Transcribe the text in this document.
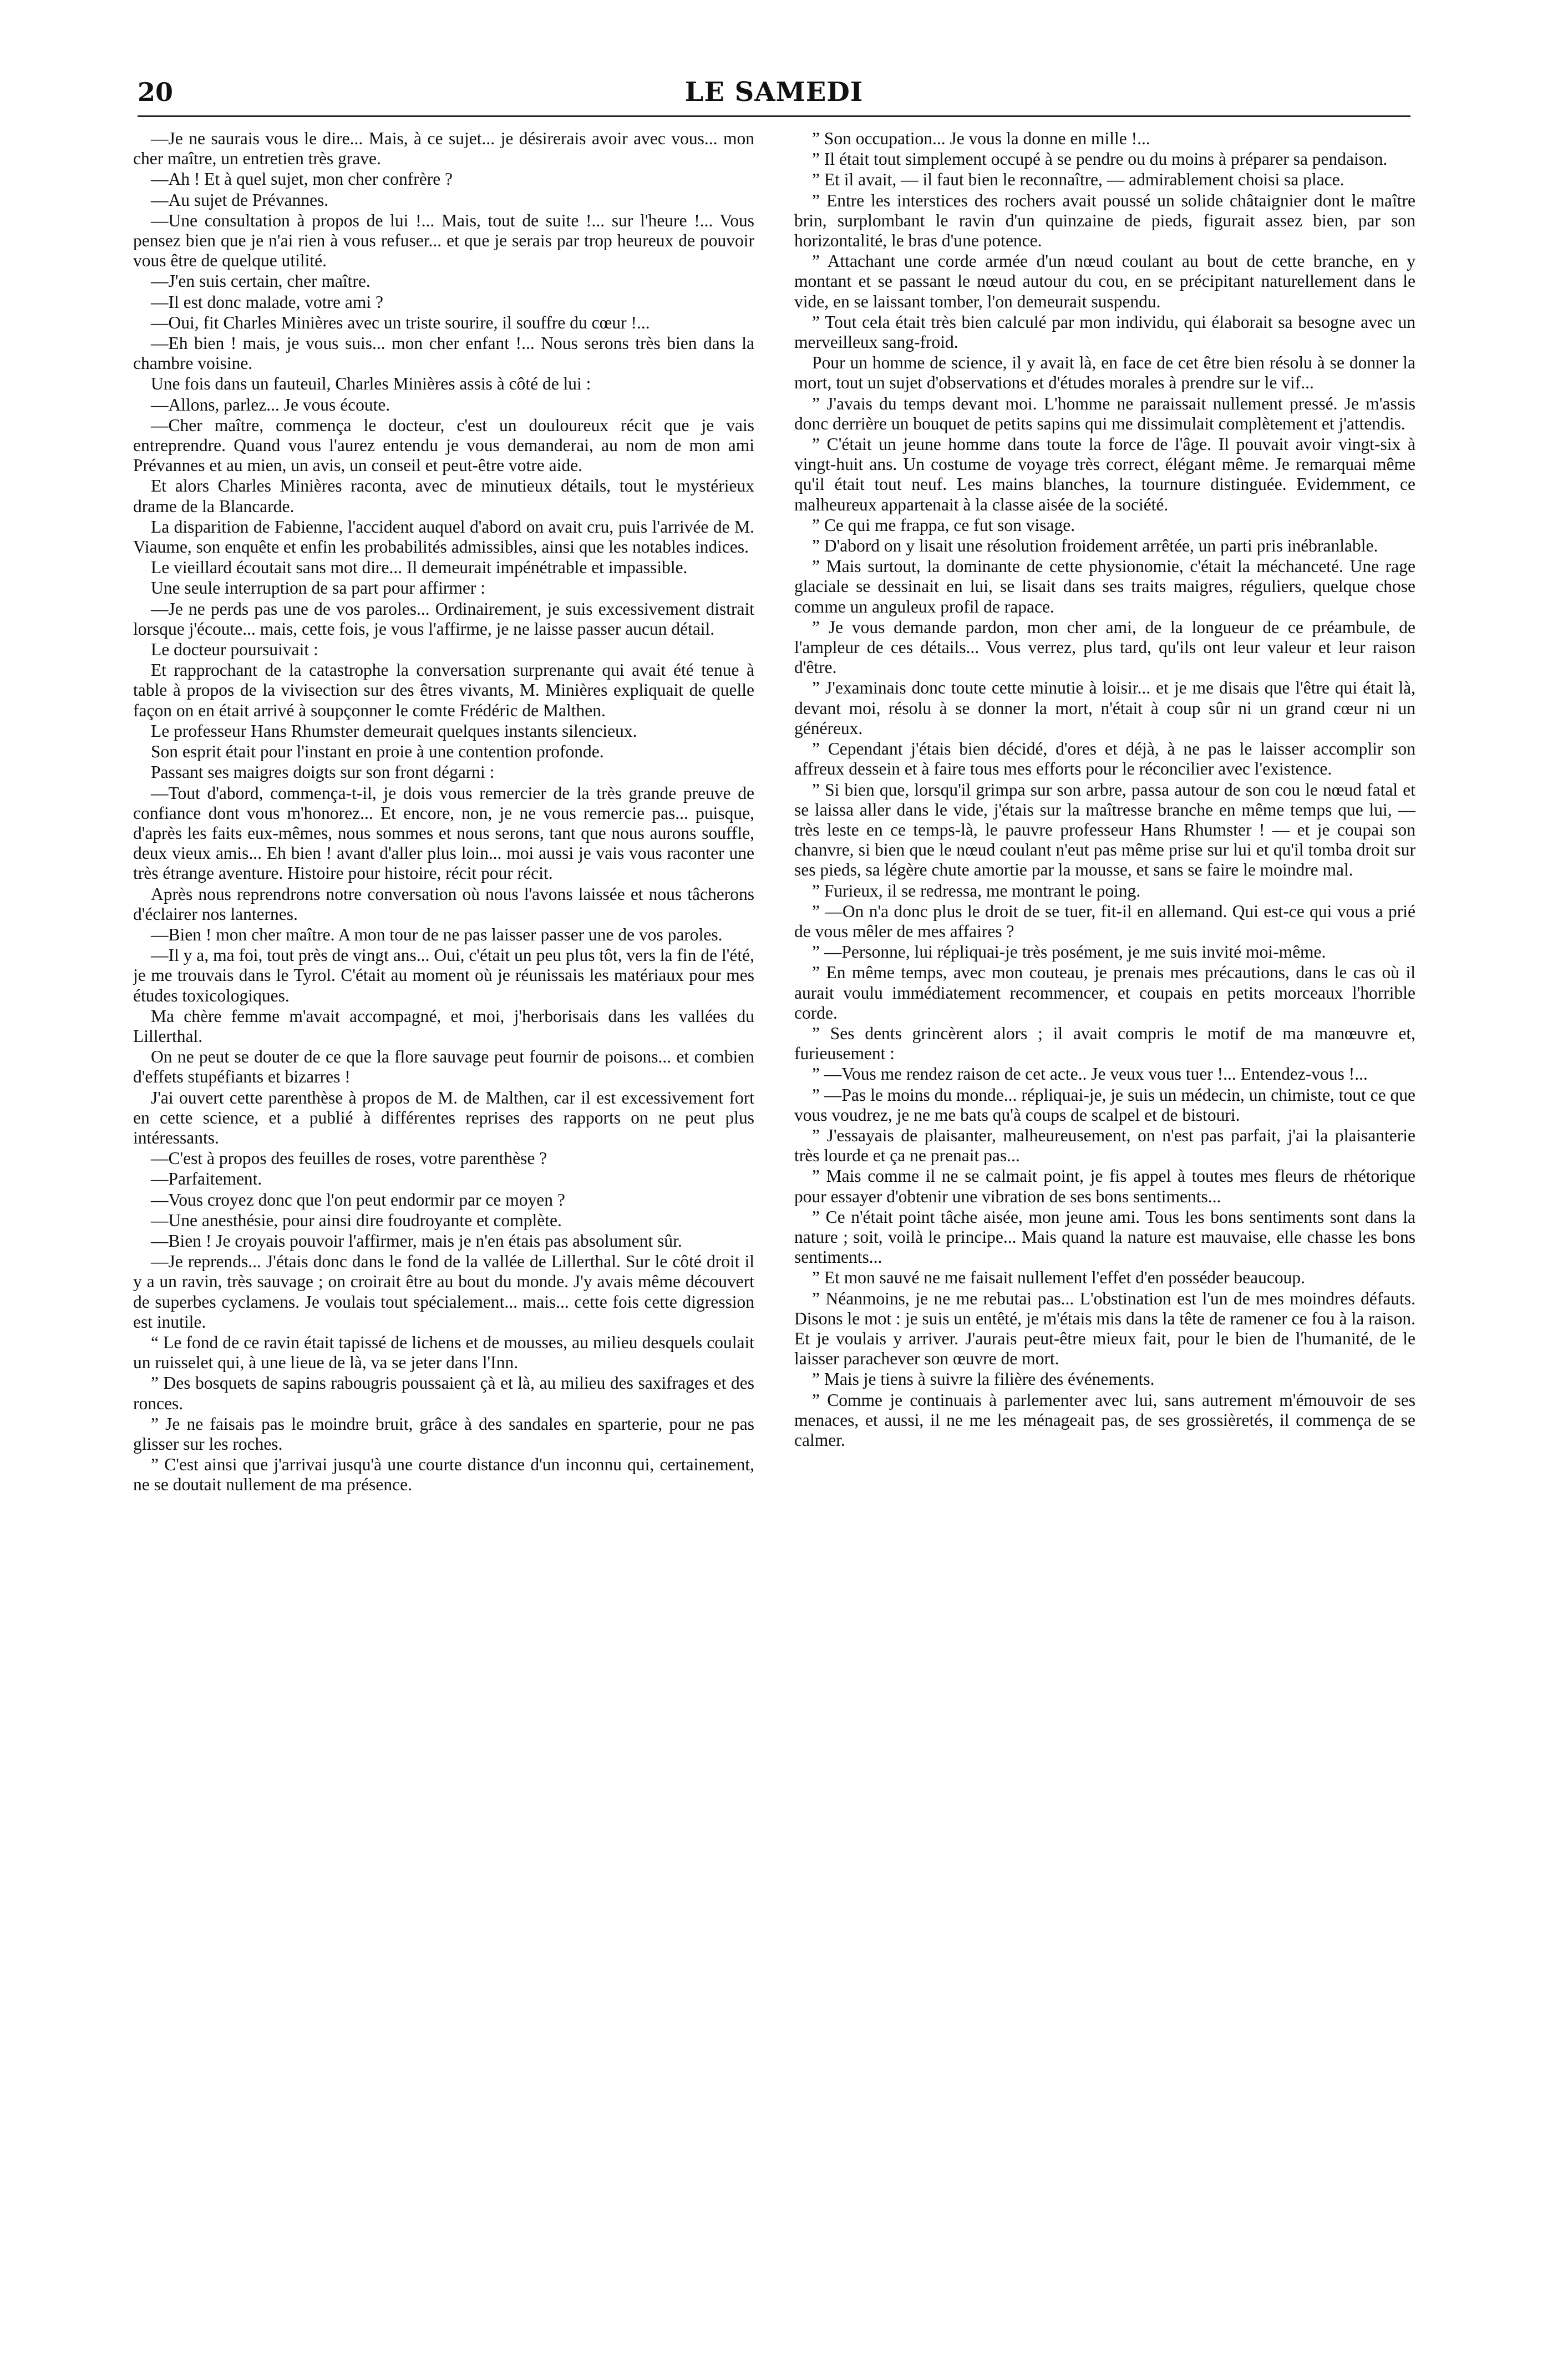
20	LE SAMEDI

—Je ne saurais vous le dire... Mais, à ce sujet... je désirerais avoir avec vous... mon cher maître, un entretien très grave.

—Ah ! Et à quel sujet, mon cher confrère ?

—Au sujet de Prévannes.

—Une consultation à propos de lui !... Mais, tout de suite !... sur l'heure !... Vous pensez bien que je n'ai rien à vous refuser... et que je serais par trop heureux de pouvoir vous être de quelque utilité.

—J'en suis certain, cher maître.

—Il est donc malade, votre ami ?

—Oui, fit Charles Minières avec un triste sourire, il souffre du cœur !...

—Eh bien ! mais, je vous suis... mon cher enfant !... Nous serons très bien dans la chambre voisine.

Une fois dans un fauteuil, Charles Minières assis à côté de lui :

—Allons, parlez... Je vous écoute.

—Cher maître, commença le docteur, c'est un douloureux récit que je vais entreprendre. Quand vous l'aurez entendu je vous demanderai, au nom de mon ami Prévannes et au mien, un avis, un conseil et peut-être votre aide.

Et alors Charles Minières raconta, avec de minutieux détails, tout le mystérieux drame de la Blancarde.

La disparition de Fabienne, l'accident auquel d'abord on avait cru, puis l'arrivée de M. Viaume, son enquête et enfin les probabilités admissibles, ainsi que les notables indices.

Le vieillard écoutait sans mot dire... Il demeurait impénétrable et impassible.

Une seule interruption de sa part pour affirmer :

—Je ne perds pas une de vos paroles... Ordinairement, je suis excessivement distrait lorsque j'écoute... mais, cette fois, je vous l'affirme, je ne laisse passer aucun détail.

Le docteur poursuivait :

Et rapprochant de la catastrophe la conversation surprenante qui avait été tenue à table à propos de la vivisection sur des êtres vivants, M. Minières expliquait de quelle façon on en était arrivé à soupçonner le comte Frédéric de Malthen.

Le professeur Hans Rhumster demeurait quelques instants silencieux.

Son esprit était pour l'instant en proie à une contention profonde.

Passant ses maigres doigts sur son front dégarni :

—Tout d'abord, commença-t-il, je dois vous remercier de la très grande preuve de confiance dont vous m'honorez... Et encore, non, je ne vous remercie pas... puisque, d'après les faits eux-mêmes, nous sommes et nous serons, tant que nous aurons souffle, deux vieux amis... Eh bien ! avant d'aller plus loin... moi aussi je vais vous raconter une très étrange aventure. Histoire pour histoire, récit pour récit.

Après nous reprendrons notre conversation où nous l'avons laissée et nous tâcherons d'éclairer nos lanternes.

—Bien ! mon cher maître. A mon tour de ne pas laisser passer une de vos paroles.

—Il y a, ma foi, tout près de vingt ans... Oui, c'était un peu plus tôt, vers la fin de l'été, je me trouvais dans le Tyrol. C'était au moment où je réunissais les matériaux pour mes études toxicologiques.

Ma chère femme m'avait accompagné, et moi, j'herborisais dans les vallées du Lillerthal.

On ne peut se douter de ce que la flore sauvage peut fournir de poisons... et combien d'effets stupéfiants et bizarres !

J'ai ouvert cette parenthèse à propos de M. de Malthen, car il est excessivement fort en cette science, et a publié à différentes reprises des rapports on ne peut plus intéressants.

—C'est à propos des feuilles de roses, votre parenthèse ?

—Parfaitement.

—Vous croyez donc que l'on peut endormir par ce moyen ?

—Une anesthésie, pour ainsi dire foudroyante et complète.

—Bien ! Je croyais pouvoir l'affirmer, mais je n'en étais pas absolument sûr.

—Je reprends... J'étais donc dans le fond de la vallée de Lillerthal. Sur le côté droit il y a un ravin, très sauvage ; on croirait être au bout du monde. J'y avais même découvert de superbes cyclamens. Je voulais tout spécialement... mais... cette fois cette digression est inutile.

“ Le fond de ce ravin était tapissé de lichens et de mousses, au milieu desquels coulait un ruisselet qui, à une lieue de là, va se jeter dans l'Inn.

” Des bosquets de sapins rabougris poussaient çà et là, au milieu des saxifrages et des ronces.

” Je ne faisais pas le moindre bruit, grâce à des sandales en sparterie, pour ne pas glisser sur les roches.

” C'est ainsi que j'arrivai jusqu'à une courte distance d'un inconnu qui, certainement, ne se doutait nullement de ma présence.

” Son occupation... Je vous la donne en mille !...

” Il était tout simplement occupé à se pendre ou du moins à préparer sa pendaison.

” Et il avait, — il faut bien le reconnaître, — admirablement choisi sa place.

” Entre les interstices des rochers avait poussé un solide châtaignier dont le maître brin, surplombant le ravin d'un quinzaine de pieds, figurait assez bien, par son horizontalité, le bras d'une potence.

” Attachant une corde armée d'un nœud coulant au bout de cette branche, en y montant et se passant le nœud autour du cou, en se précipitant naturellement dans le vide, en se laissant tomber, l'on demeurait suspendu.

” Tout cela était très bien calculé par mon individu, qui élaborait sa besogne avec un merveilleux sang-froid.

Pour un homme de science, il y avait là, en face de cet être bien résolu à se donner la mort, tout un sujet d'observations et d'études morales à prendre sur le vif...

” J'avais du temps devant moi. L'homme ne paraissait nullement pressé. Je m'assis donc derrière un bouquet de petits sapins qui me dissimulait complètement et j'attendis.

” C'était un jeune homme dans toute la force de l'âge. Il pouvait avoir vingt-six à vingt-huit ans. Un costume de voyage très correct, élégant même. Je remarquai même qu'il était tout neuf. Les mains blanches, la tournure distinguée. Evidemment, ce malheureux appartenait à la classe aisée de la société.

” Ce qui me frappa, ce fut son visage.

” D'abord on y lisait une résolution froidement arrêtée, un parti pris inébranlable.

” Mais surtout, la dominante de cette physionomie, c'était la méchanceté. Une rage glaciale se dessinait en lui, se lisait dans ses traits maigres, réguliers, quelque chose comme un anguleux profil de rapace.

” Je vous demande pardon, mon cher ami, de la longueur de ce préambule, de l'ampleur de ces détails... Vous verrez, plus tard, qu'ils ont leur valeur et leur raison d'être.

” J'examinais donc toute cette minutie à loisir... et je me disais que l'être qui était là, devant moi, résolu à se donner la mort, n'était à coup sûr ni un grand cœur ni un généreux.

” Cependant j'étais bien décidé, d'ores et déjà, à ne pas le laisser accomplir son affreux dessein et à faire tous mes efforts pour le réconcilier avec l'existence.

” Si bien que, lorsqu'il grimpa sur son arbre, passa autour de son cou le nœud fatal et se laissa aller dans le vide, j'étais sur la maîtresse branche en même temps que lui, — très leste en ce temps-là, le pauvre professeur Hans Rhumster ! — et je coupai son chanvre, si bien que le nœud coulant n'eut pas même prise sur lui et qu'il tomba droit sur ses pieds, sa légère chute amortie par la mousse, et sans se faire le moindre mal.

” Furieux, il se redressa, me montrant le poing.

” —On n'a donc plus le droit de se tuer, fit-il en allemand. Qui est-ce qui vous a prié de vous mêler de mes affaires ?

” —Personne, lui répliquai-je très posément, je me suis invité moi-même.

” En même temps, avec mon couteau, je prenais mes précautions, dans le cas où il aurait voulu immédiatement recommencer, et coupais en petits morceaux l'horrible corde.

” Ses dents grincèrent alors ; il avait compris le motif de ma manœuvre et, furieusement :

” —Vous me rendez raison de cet acte.. Je veux vous tuer !... Entendez-vous !...

” —Pas le moins du monde... répliquai-je, je suis un médecin, un chimiste, tout ce que vous voudrez, je ne me bats qu'à coups de scalpel et de bistouri.

” J'essayais de plaisanter, malheureusement, on n'est pas parfait, j'ai la plaisanterie très lourde et ça ne prenait pas...

” Mais comme il ne se calmait point, je fis appel à toutes mes fleurs de rhétorique pour essayer d'obtenir une vibration de ses bons sentiments...

” Ce n'était point tâche aisée, mon jeune ami. Tous les bons sentiments sont dans la nature ; soit, voilà le principe... Mais quand la nature est mauvaise, elle chasse les bons sentiments...

” Et mon sauvé ne me faisait nullement l'effet d'en posséder beaucoup.

” Néanmoins, je ne me rebutai pas... L'obstination est l'un de mes moindres défauts. Disons le mot : je suis un entêté, je m'étais mis dans la tête de ramener ce fou à la raison. Et je voulais y arriver. J'aurais peut-être mieux fait, pour le bien de l'humanité, de le laisser parachever son œuvre de mort.

” Mais je tiens à suivre la filière des événements.

” Comme je continuais à parlementer avec lui, sans autrement m'émouvoir de ses menaces, et aussi, il ne me les ménageait pas, de ses grossièretés, il commença de se calmer.
